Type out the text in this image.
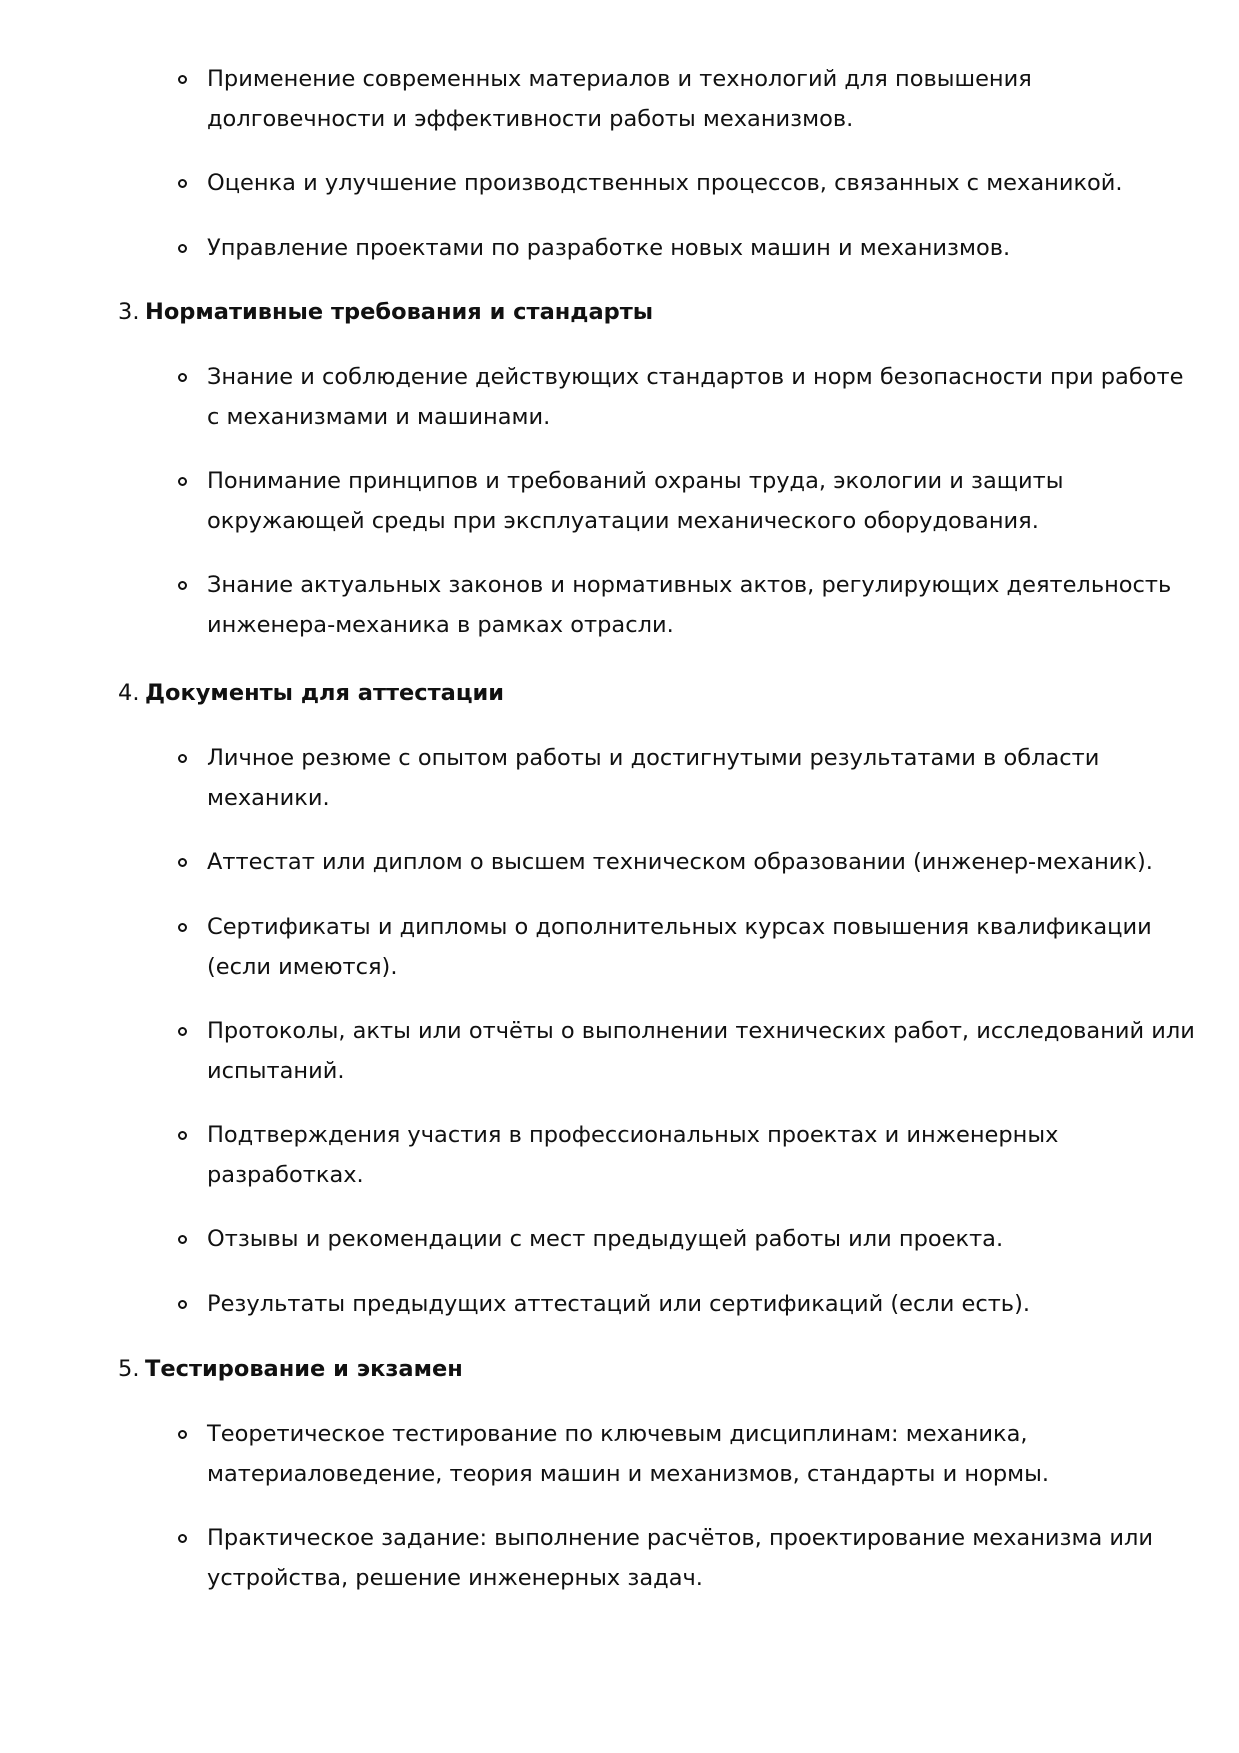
Применение современных материалов и технологий для повышения
долговечности и эффективности работы механизмов.
Оценка и улучшение производственных процессов, связанных с механикой.
Управление проектами по разработке новых машин и механизмов.
3. Нормативные требования и стандарты
Знание и соблюдение действующих стандартов и норм безопасности при работе
с механизмами и машинами.
Понимание принципов и требований охраны труда, экологии и защиты
окружающей среды при эксплуатации механического оборудования.
Знание актуальных законов и нормативных актов, регулирующих деятельность
инженера-механика в рамках отрасли.
4. Документы для аттестации
Личное резюме с опытом работы и достигнутыми результатами в области
механики.
Аттестат или диплом о высшем техническом образовании (инженер-механик).
Сертификаты и дипломы о дополнительных курсах повышения квалификации
(если имеются).
Протоколы, акты или отчёты о выполнении технических работ, исследований или
испытаний.
Подтверждения участия в профессиональных проектах и инженерных
разработках.
Отзывы и рекомендации с мест предыдущей работы или проекта.
Результаты предыдущих аттестаций или сертификаций (если есть).
5. Тестирование и экзамен
Теоретическое тестирование по ключевым дисциплинам: механика,
материаловедение, теория машин и механизмов, стандарты и нормы.
Практическое задание: выполнение расчётов, проектирование механизма или
устройства, решение инженерных задач.
